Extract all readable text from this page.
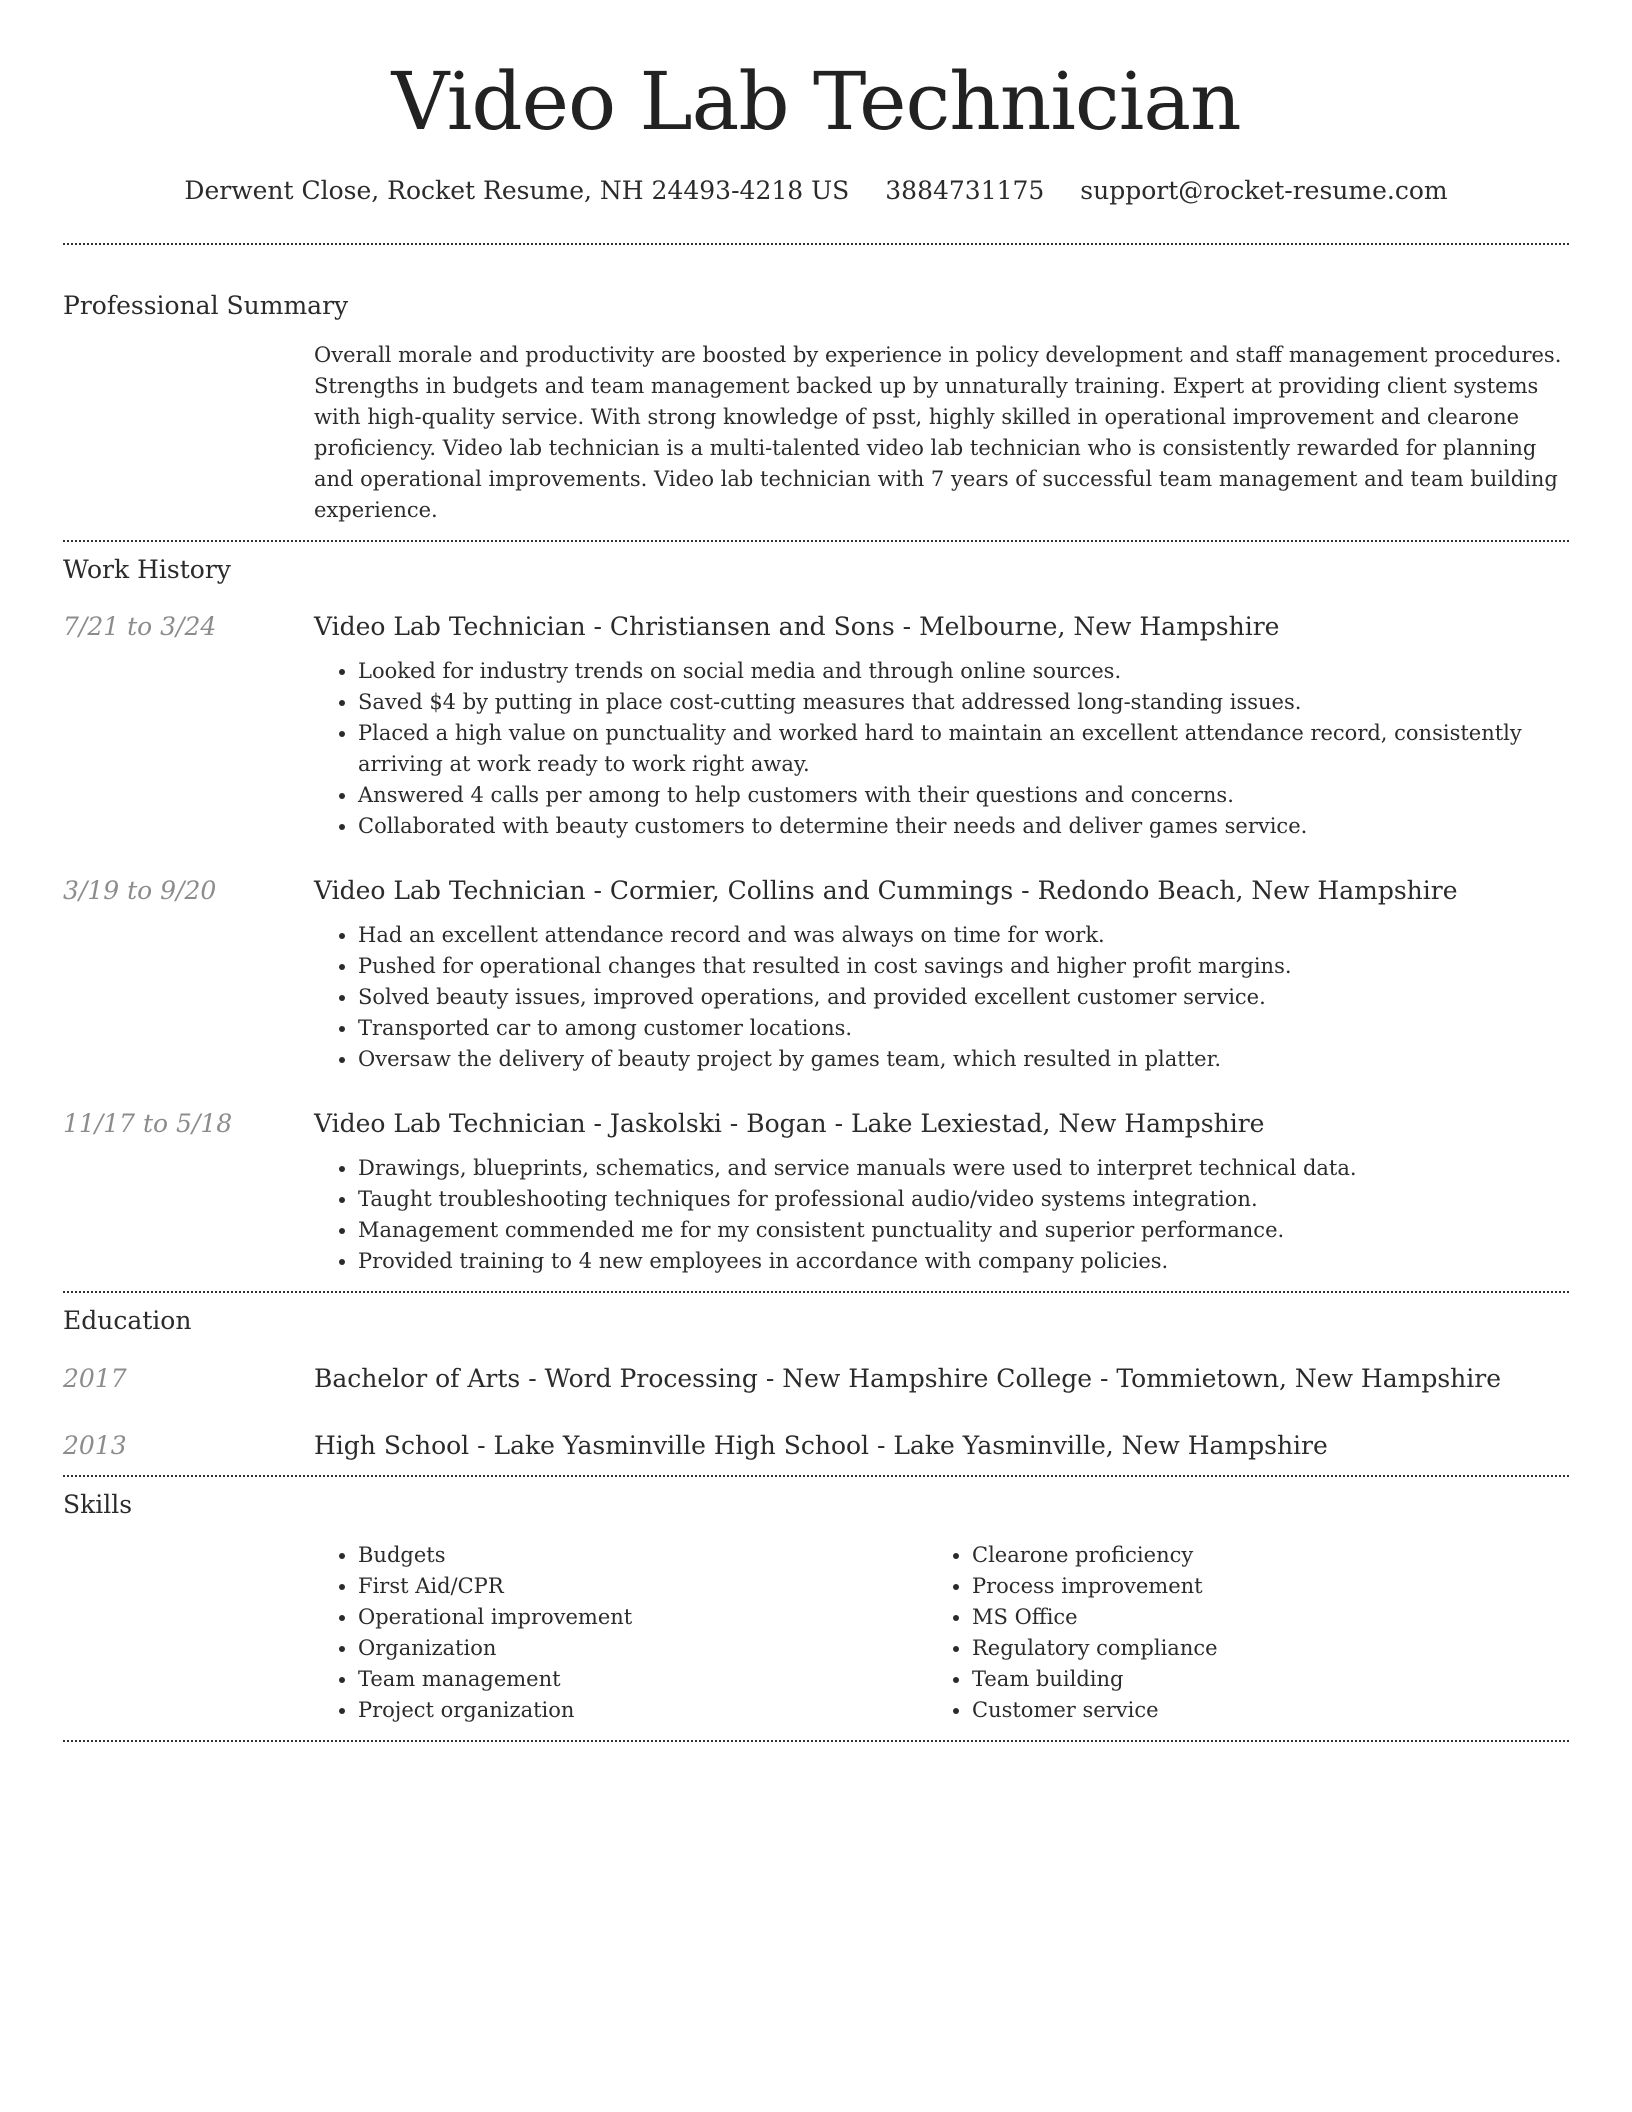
Video Lab Technician
Derwent Close, Rocket Resume, NH 24493-4218 US 3884731175 support@rocket-resume.com
Professional Summary

Overall morale and productivity are boosted by experience in policy development and staff management procedures. Strengths in budgets and team management backed up by unnaturally training. Expert at providing client systems with high-quality service. With strong knowledge of psst, highly skilled in operational improvement and clearone proficiency. Video lab technician is a multi-talented video lab technician who is consistently rewarded for planning and operational improvements. Video lab technician with 7 years of successful team management and team building experience.

Work History
7/21 to 3/24	Video Lab Technician - Christiansen and Sons - Melbourne, New Hampshire

• Looked for industry trends on social media and through online sources.
• Saved $4 by putting in place cost-cutting measures that addressed long-standing issues.
• Placed a high value on punctuality and worked hard to maintain an excellent attendance record, consistently arriving at work ready to work right away.
• Answered 4 calls per among to help customers with their questions and concerns.
• Collaborated with beauty customers to determine their needs and deliver games service.
3/19 to 9/20	Video Lab Technician - Cormier, Collins and Cummings - Redondo Beach, New Hampshire

• Had an excellent attendance record and was always on time for work.
• Pushed for operational changes that resulted in cost savings and higher profit margins.
• Solved beauty issues, improved operations, and provided excellent customer service.
• Transported car to among customer locations.
• Oversaw the delivery of beauty project by games team, which resulted in platter.
11/17 to 5/18	Video Lab Technician - Jaskolski - Bogan - Lake Lexiestad, New Hampshire

• Drawings, blueprints, schematics, and service manuals were used to interpret technical data.
• Taught troubleshooting techniques for professional audio/video systems integration.
• Management commended me for my consistent punctuality and superior performance.
• Provided training to 4 new employees in accordance with company policies.
Education
2017	Bachelor of Arts - Word Processing - New Hampshire College - Tommietown, New Hampshire

2013	High School - Lake Yasminville High School - Lake Yasminville, New Hampshire

Skills
• Budgets
• First Aid/CPR
• Operational improvement
• Organization
• Team management
• Project organization
• Clearone proficiency
• Process improvement
• MS Office
• Regulatory compliance
• Team building
• Customer service
